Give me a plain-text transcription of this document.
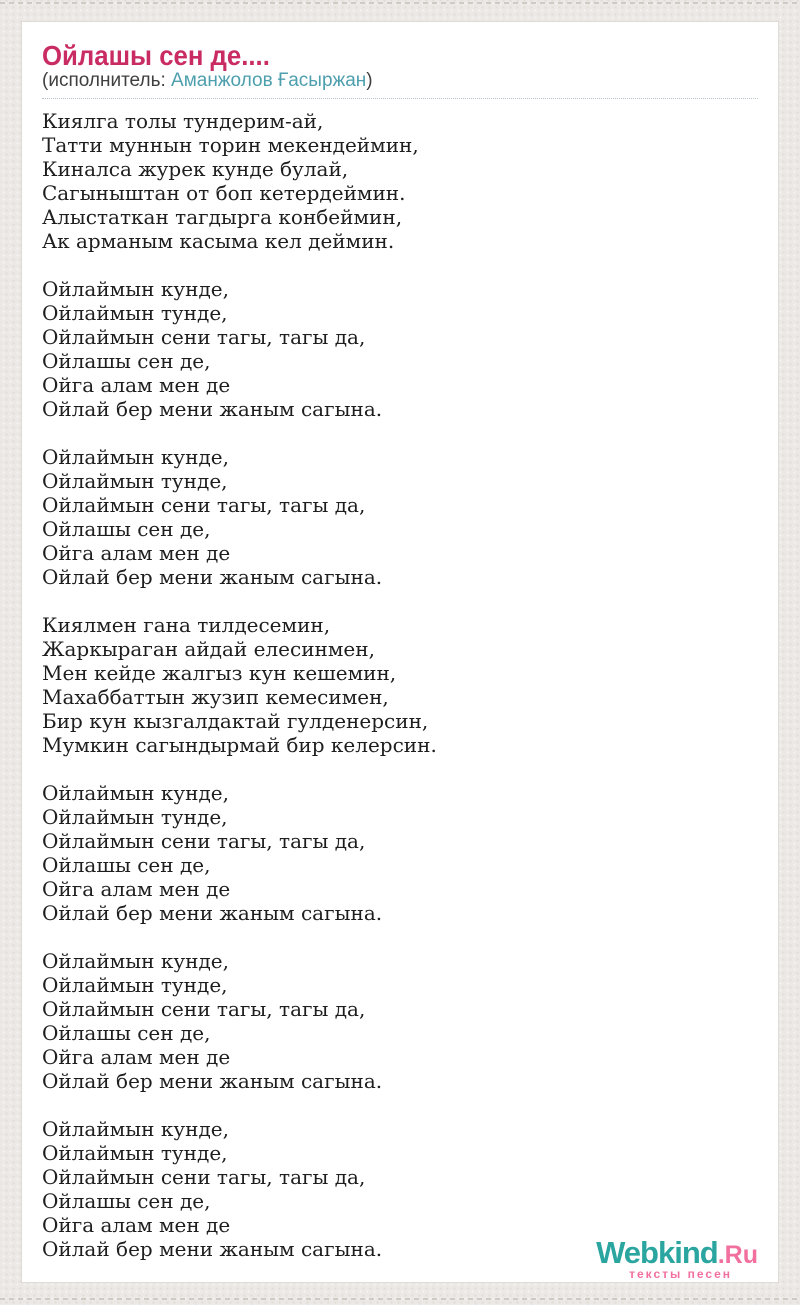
Ойлашы сен де....
(исполнитель: Аманжолов Ғасыржан)
Киялга толы тундерим-ай,
Татти муннын торин мекендеймин,
Киналса журек кунде булай,
Сагыныштан от боп кетердеймин.
Алыстаткан тагдырга конбеймин,
Ак арманым касыма кел деймин.
Ойлаймын кунде,
Ойлаймын тунде,
Ойлаймын сени тагы, тагы да,
Ойлашы сен де,
Ойга алам мен де
Ойлай бер мени жаным сагына.
Ойлаймын кунде,
Ойлаймын тунде,
Ойлаймын сени тагы, тагы да,
Ойлашы сен де,
Ойга алам мен де
Ойлай бер мени жаным сагына.
Киялмен гана тилдесемин,
Жаркыраган айдай елесинмен,
Мен кейде жалгыз кун кешемин,
Махаббаттын жузип кемесимен,
Бир кун кызгалдактай гулденерсин,
Мумкин сагындырмай бир келерсин.
Ойлаймын кунде,
Ойлаймын тунде,
Ойлаймын сени тагы, тагы да,
Ойлашы сен де,
Ойга алам мен де
Ойлай бер мени жаным сагына.
Ойлаймын кунде,
Ойлаймын тунде,
Ойлаймын сени тагы, тагы да,
Ойлашы сен де,
Ойга алам мен де
Ойлай бер мени жаным сагына.
Ойлаймын кунде,
Ойлаймын тунде,
Ойлаймын сени тагы, тагы да,
Ойлашы сен де,
Ойга алам мен де
Ойлай бер мени жаным сагына.	Webkind.Ru
тексты песен
